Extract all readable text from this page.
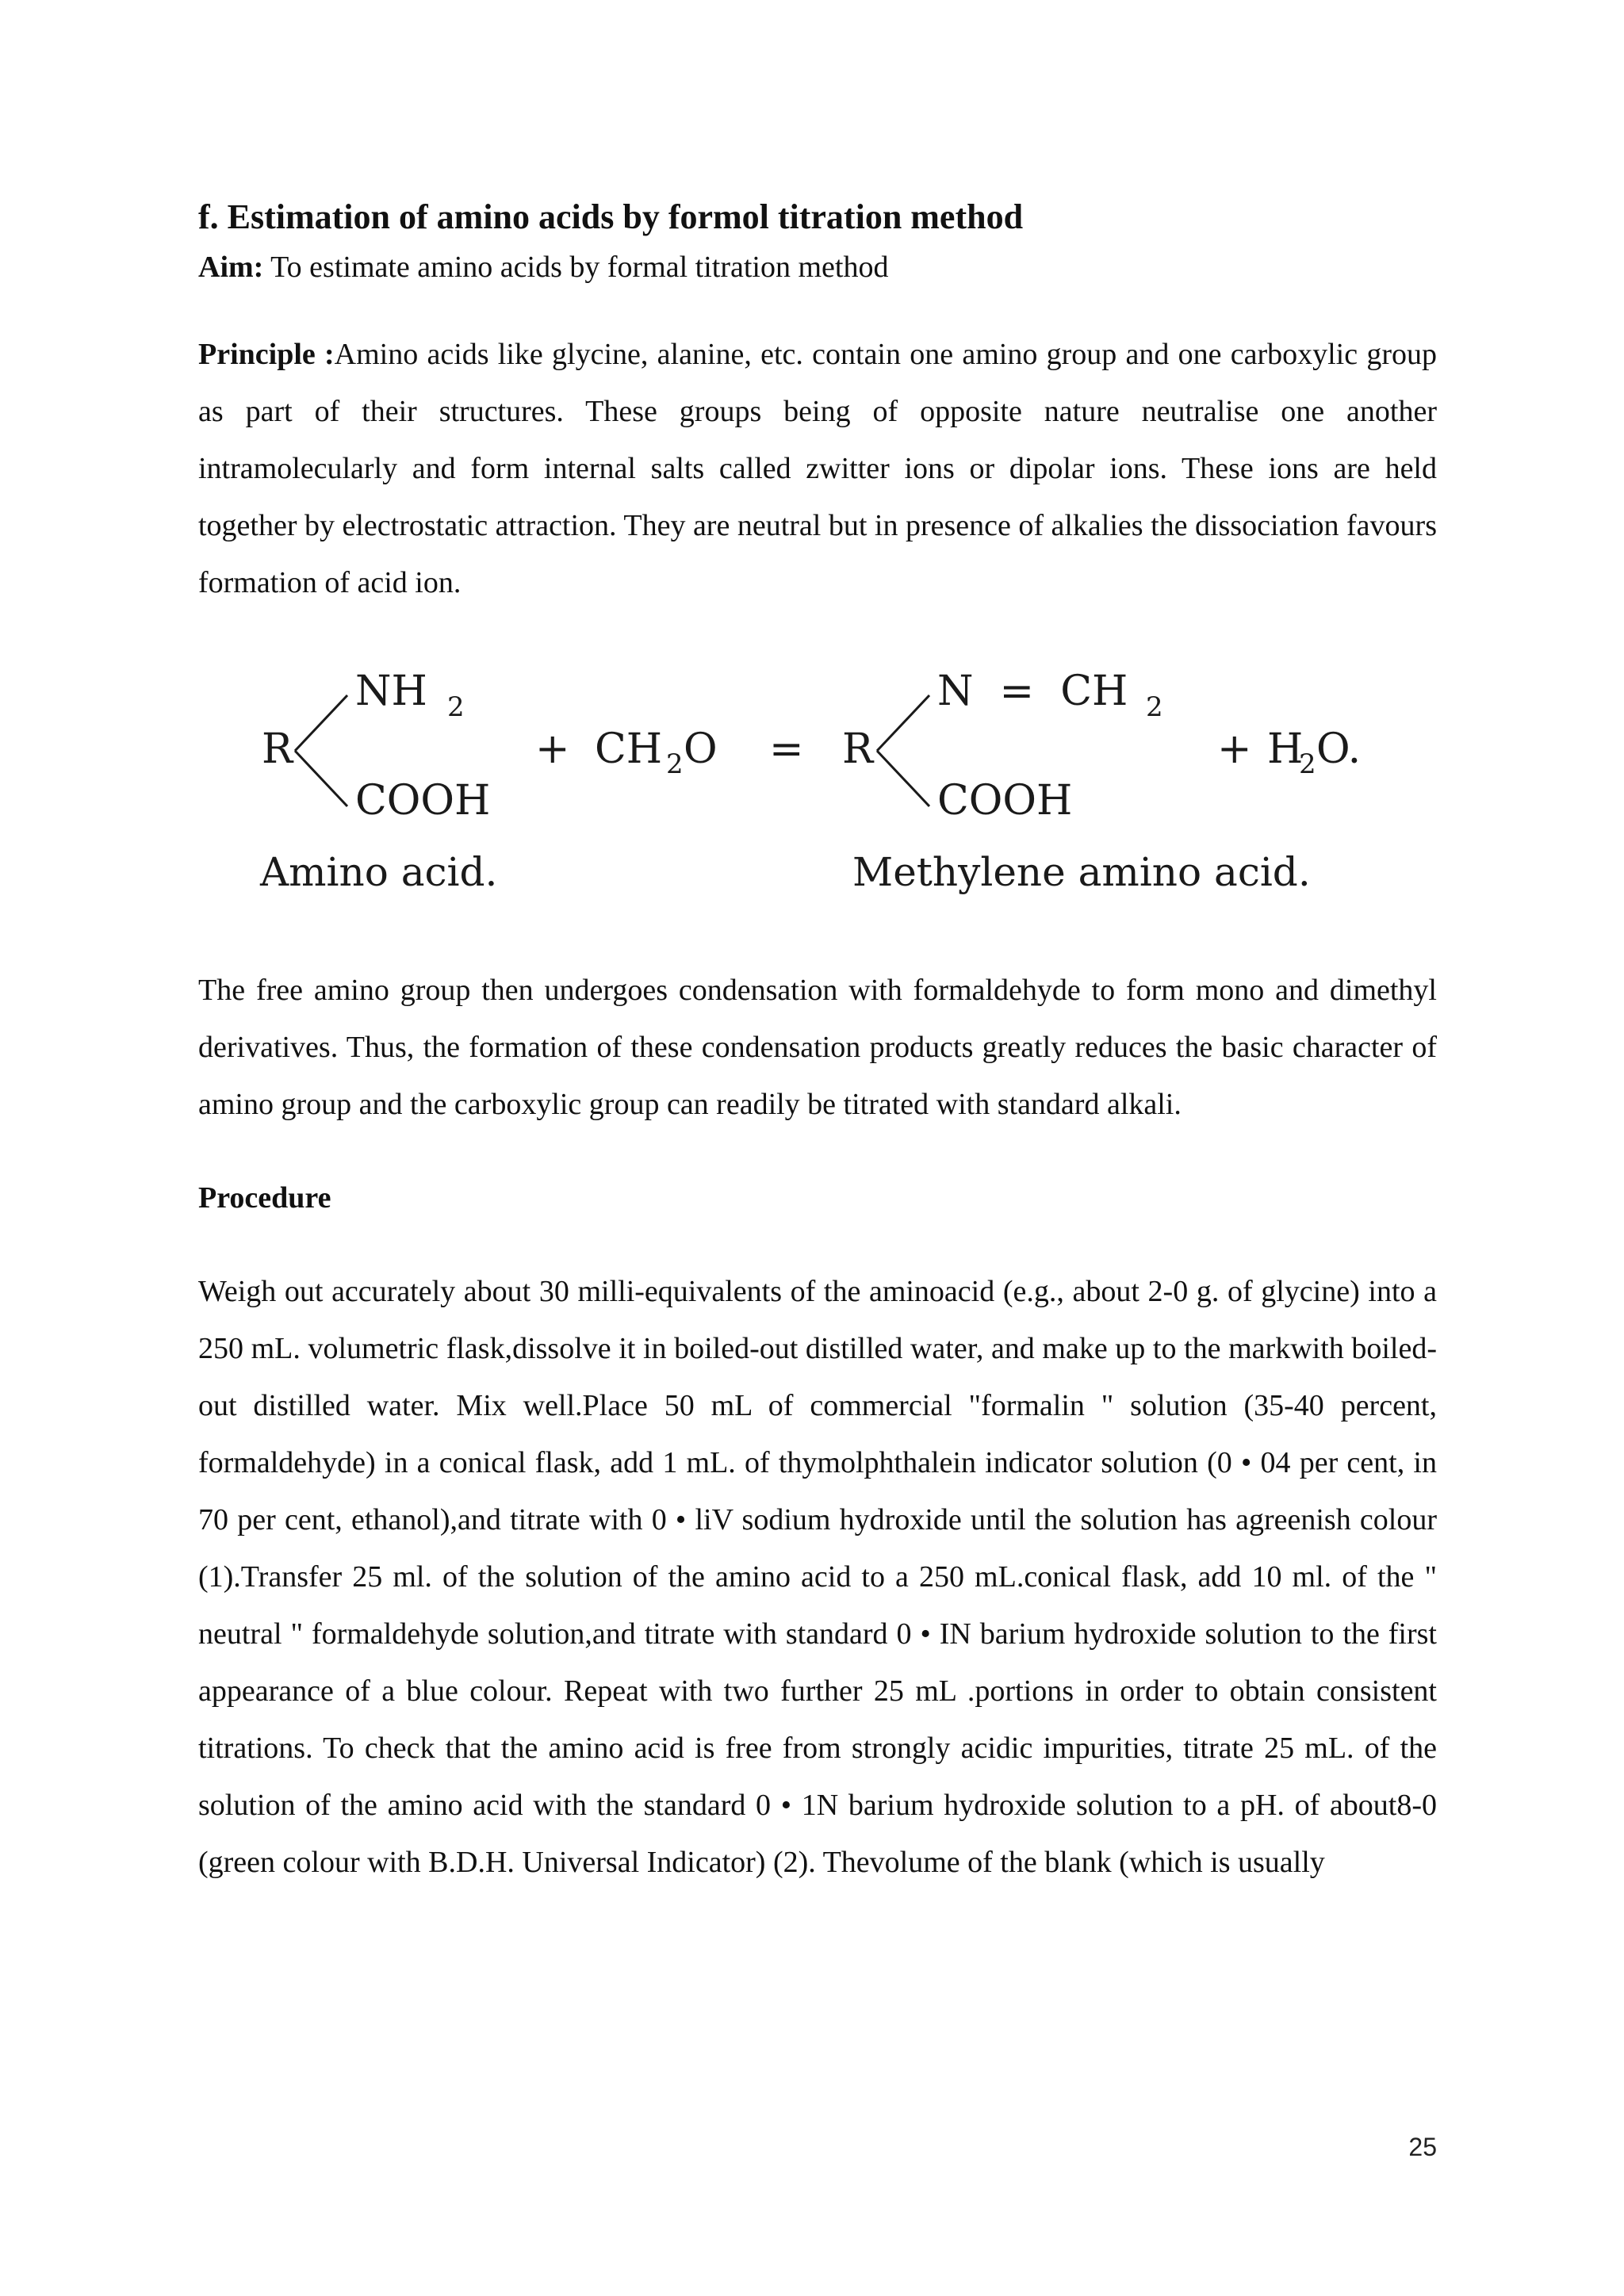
f. Estimation of amino acids by formol titration method

Aim: To estimate amino acids by formal titration method

Principle :Amino acids like glycine, alanine, etc. contain one amino group and one carboxylic group as part of their structures. These groups being of opposite nature neutralise one another intramolecularly and form internal salts called zwitter ions or dipolar ions. These ions are held together by electrostatic attraction. They are neutral but in presence of alkalies the dissociation favours formation of acid ion.

R
NH 2
COOH
+ CH 2 O = R
N  =  CH 2
COOH
+ H
2 O.
Amino acid.	Methylene amino acid.

The free amino group then undergoes condensation with formaldehyde to form mono and dimethyl derivatives. Thus, the formation of these condensation products greatly reduces the basic character of amino group and the carboxylic group can readily be titrated with standard alkali.

Procedure

Weigh out accurately about 30 milli-equivalents of the aminoacid (e.g., about 2-0 g. of glycine) into a 250 mL. volumetric flask,dissolve it in boiled-out distilled water, and make up to the markwith boiled-out distilled water. Mix well.Place 50 mL of commercial "formalin " solution (35-40 percent, formaldehyde) in a conical flask, add 1 mL. of thymolphthalein indicator solution (0 • 04 per cent, in 70 per cent, ethanol),and titrate with 0 • liV sodium hydroxide until the solution has agreenish colour (1).Transfer 25 ml. of the solution of the amino acid to a 250 mL.conical flask, add 10 ml. of the " neutral " formaldehyde solution,and titrate with standard 0 • IN barium hydroxide solution to the first appearance of a blue colour. Repeat with two further 25 mL .portions in order to obtain consistent titrations. To check that the amino acid is free from strongly acidic impurities, titrate 25 mL. of the solution of the amino acid with the standard 0 • 1N barium hydroxide solution to a pH. of about8-0 (green colour with B.D.H. Universal Indicator) (2). Thevolume of the blank (which is usually

25
